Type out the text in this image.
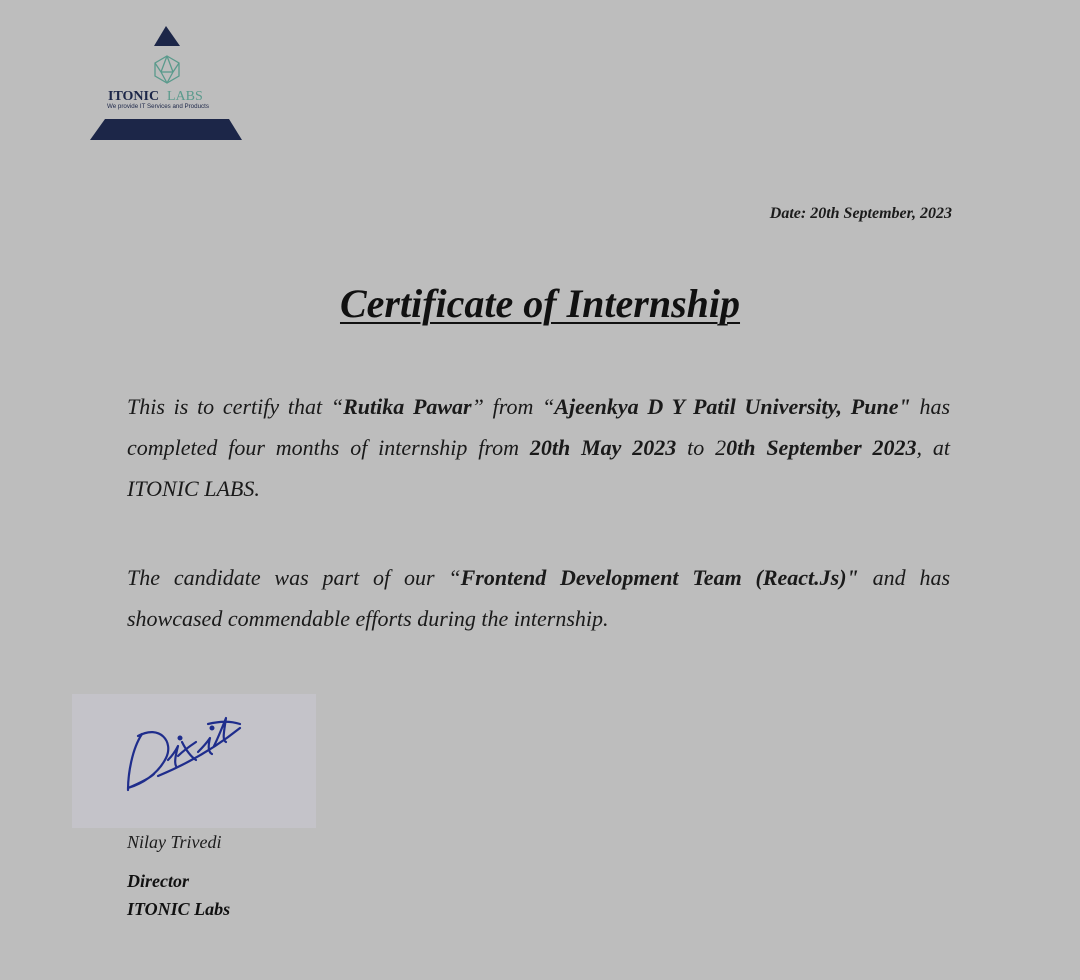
ITONIC LABS
We provide IT Services and Products
Date: 20th September, 2023
Certificate of Internship
This is to certify that “Rutika Pawar” from “Ajeenkya D Y Patil University, Pune" has completed four months of internship from 20th May 2023 to 20th September 2023, at ITONIC LABS.
The candidate was part of our “Frontend Development Team (React.Js)" and has showcased commendable efforts during the internship.
Nilay Trivedi
Director
ITONIC Labs
